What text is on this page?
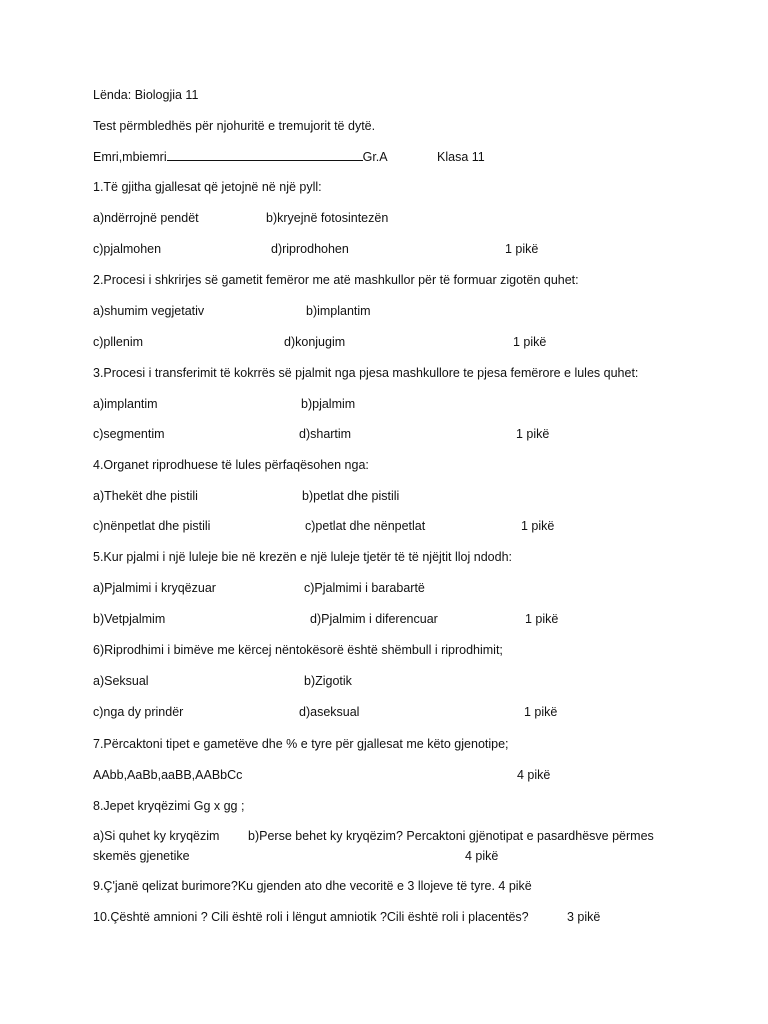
Lënda: Biologjia 11
Test përmbledhës për njohuritë e tremujorit të dytë.
Emri,mbiemri	Gr.A	Klasa 11
1.Të gjitha gjallesat që jetojnë në një pyll:
a)ndërrojnë pendët	b)kryejnë fotosintezën
c)pjalmohen	d)riprodhohen	1 pikë
2.Procesi i shkrirjes së gametit femëror me atë mashkullor për të formuar zigotën quhet:
a)shumim vegjetativ	b)implantim
c)pllenim	d)konjugim	1 pikë
3.Procesi i transferimit të kokrrës së pjalmit nga pjesa mashkullore te pjesa femërore e lules quhet:
a)implantim	b)pjalmim
c)segmentim	d)shartim	1 pikë
4.Organet riprodhuese të lules përfaqësohen nga:
a)Thekët dhe pistili	b)petlat dhe pistili
c)nënpetlat dhe pistili	c)petlat dhe nënpetlat	1 pikë
5.Kur pjalmi i një luleje bie në krezën e një luleje tjetër të të njëjtit lloj ndodh:
a)Pjalmimi i kryqëzuar	c)Pjalmimi i barabartë
b)Vetpjalmim	d)Pjalmim i diferencuar	1 pikë
6)Riprodhimi i bimëve me kërcej nëntokësorë është shëmbull i riprodhimit;
a)Seksual	b)Zigotik
c)nga dy prindër	d)aseksual	1 pikë
7.Përcaktoni tipet e gametëve dhe % e tyre për gjallesat me këto gjenotipe;
AAbb,AaBb,aaBB,AABbCc	4 pikë
8.Jepet kryqëzimi Gg x gg ;
a)Si quhet ky kryqëzim b)Perse behet ky kryqëzim? Percaktoni gjënotipat e pasardhësve përmes
skemës gjenetike	4 pikë
9.Ç'janë qelizat burimore?Ku gjenden ato dhe vecoritë e 3 llojeve të tyre. 4 pikë
10.Çështë amnioni ? Cili është roli i lëngut amniotik ?Cili është roli i placentës?	3 pikë
